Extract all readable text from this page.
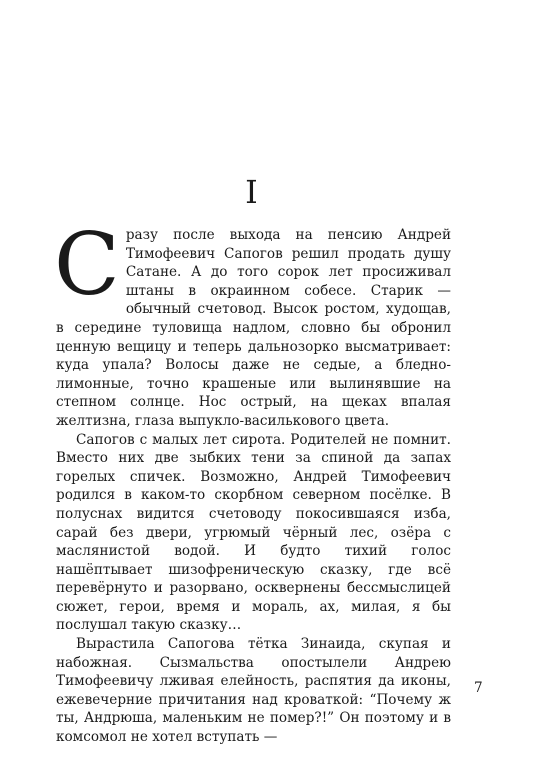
I

Сразу после выхода на пенсию Андрей Тимофеевич Сапогов решил продать душу Сатане. А до того сорок лет просиживал штаны в окраинном собесе. Старик — обычный счетовод. Высок ростом, худощав, в середине туловища надлом, словно бы обронил ценную вещицу и теперь дальнозорко высматривает: куда упала? Волосы даже не седые, а бледно-лимонные, точно крашеные или вылинявшие на степном солнце. Нос острый, на щеках впалая желтизна, глаза выпукло-василькового цвета.

Сапогов с малых лет сирота. Родителей не помнит. Вместо них две зыбких тени за спиной да запах горелых спичек. Возможно, Андрей Тимофеевич родился в каком-то скорбном северном посёлке. В полуснах видится счетоводу покосившаяся изба, сарай без двери, угрюмый чёрный лес, озёра с маслянистой водой. И будто тихий голос нашёптывает шизофреническую сказку, где всё перевёрнуто и разорвано, осквернены бессмыслицей сюжет, герои, время и мораль, ах, милая, я бы послушал такую сказку…

Вырастила Сапогова тётка Зинаида, скупая и набожная. Сызмальства опостылели Андрею Тимофеевичу лживая елейность, распятия да иконы, ежевечерние причитания над кроваткой: “Почему ж ты, Андрюша, маленьким не помер?!” Он поэтому и в комсомол не хотел вступать —

7
